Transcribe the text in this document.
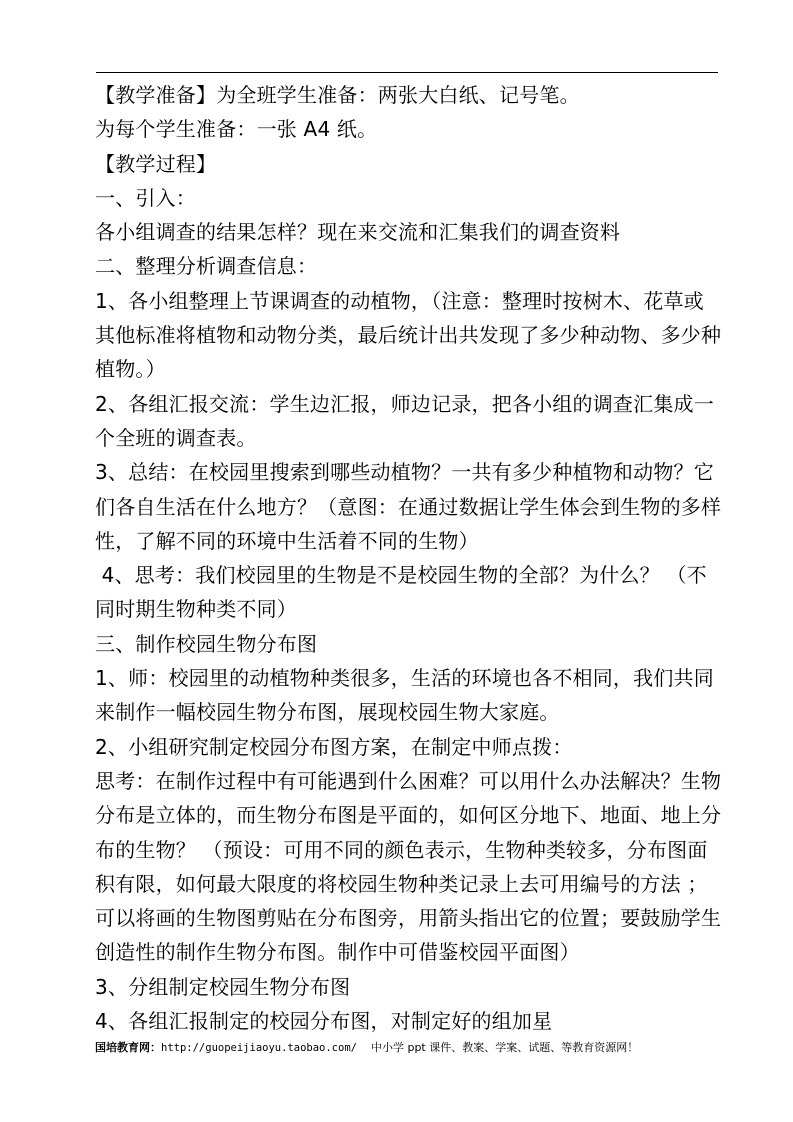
【教学准备】为全班学生准备：两张大白纸、记号笔。

为每个学生准备：一张 A4 纸。

【教学过程】

一、引入：

各小组调查的结果怎样？现在来交流和汇集我们的调查资料

二、整理分析调查信息：

1、各小组整理上节课调查的动植物，（注意：整理时按树木、花草或其他标准将植物和动物分类，最后统计出共发现了多少种动物、多少种植物。）

2、各组汇报交流：学生边汇报，师边记录，把各小组的调查汇集成一个全班的调查表。

3、总结：在校园里搜索到哪些动植物？一共有多少种植物和动物？它们各自生活在什么地方？（意图：在通过数据让学生体会到生物的多样性，了解不同的环境中生活着不同的生物）

4、思考：我们校园里的生物是不是校园生物的全部？为什么？ （不同时期生物种类不同）

三、制作校园生物分布图

1、师：校园里的动植物种类很多，生活的环境也各不相同，我们共同来制作一幅校园生物分布图，展现校园生物大家庭。

2、小组研究制定校园分布图方案，在制定中师点拨：

思考：在制作过程中有可能遇到什么困难？可以用什么办法解决？生物分布是立体的，而生物分布图是平面的，如何区分地下、地面、地上分布的生物？ （预设：可用不同的颜色表示，生物种类较多，分布图面积有限，如何最大限度的将校园生物种类记录上去可用编号的方法 ；可以将画的生物图剪贴在分布图旁，用箭头指出它的位置；要鼓励学生创造性的制作生物分布图。制作中可借鉴校园平面图）

3、分组制定校园生物分布图

4、各组汇报制定的校园分布图，对制定好的组加星

国培教育网：http://guopeijiaoyu.taobao.com/ 中小学 ppt 课件、教案、学案、试题、等教育资源网！
